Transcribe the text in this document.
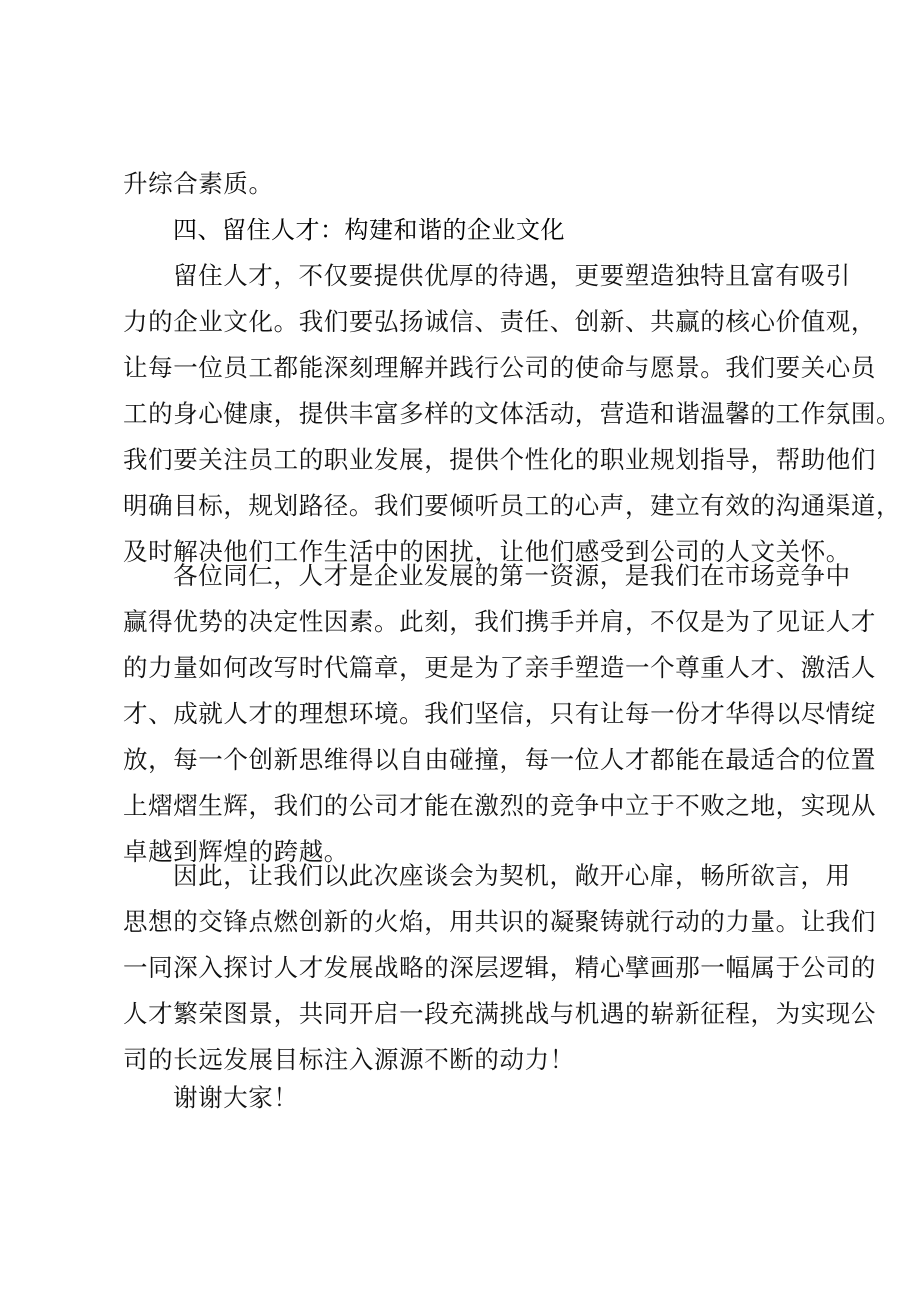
升综合素质。

四、留住人才：构建和谐的企业文化

留住人才，不仅要提供优厚的待遇，更要塑造独特且富有吸引
力的企业文化。我们要弘扬诚信、责任、创新、共赢的核心价值观，
让每一位员工都能深刻理解并践行公司的使命与愿景。我们要关心员
工的身心健康，提供丰富多样的文体活动，营造和谐温馨的工作氛围。
我们要关注员工的职业发展，提供个性化的职业规划指导，帮助他们
明确目标，规划路径。我们要倾听员工的心声，建立有效的沟通渠道，
及时解决他们工作生活中的困扰，让他们感受到公司的人文关怀。

各位同仁，人才是企业发展的第一资源，是我们在市场竞争中
赢得优势的决定性因素。此刻，我们携手并肩，不仅是为了见证人才
的力量如何改写时代篇章，更是为了亲手塑造一个尊重人才、激活人
才、成就人才的理想环境。我们坚信，只有让每一份才华得以尽情绽
放，每一个创新思维得以自由碰撞，每一位人才都能在最适合的位置
上熠熠生辉，我们的公司才能在激烈的竞争中立于不败之地，实现从
卓越到辉煌的跨越。

因此，让我们以此次座谈会为契机，敞开心扉，畅所欲言，用
思想的交锋点燃创新的火焰，用共识的凝聚铸就行动的力量。让我们
一同深入探讨人才发展战略的深层逻辑，精心擘画那一幅属于公司的
人才繁荣图景，共同开启一段充满挑战与机遇的崭新征程，为实现公
司的长远发展目标注入源源不断的动力！

谢谢大家！
